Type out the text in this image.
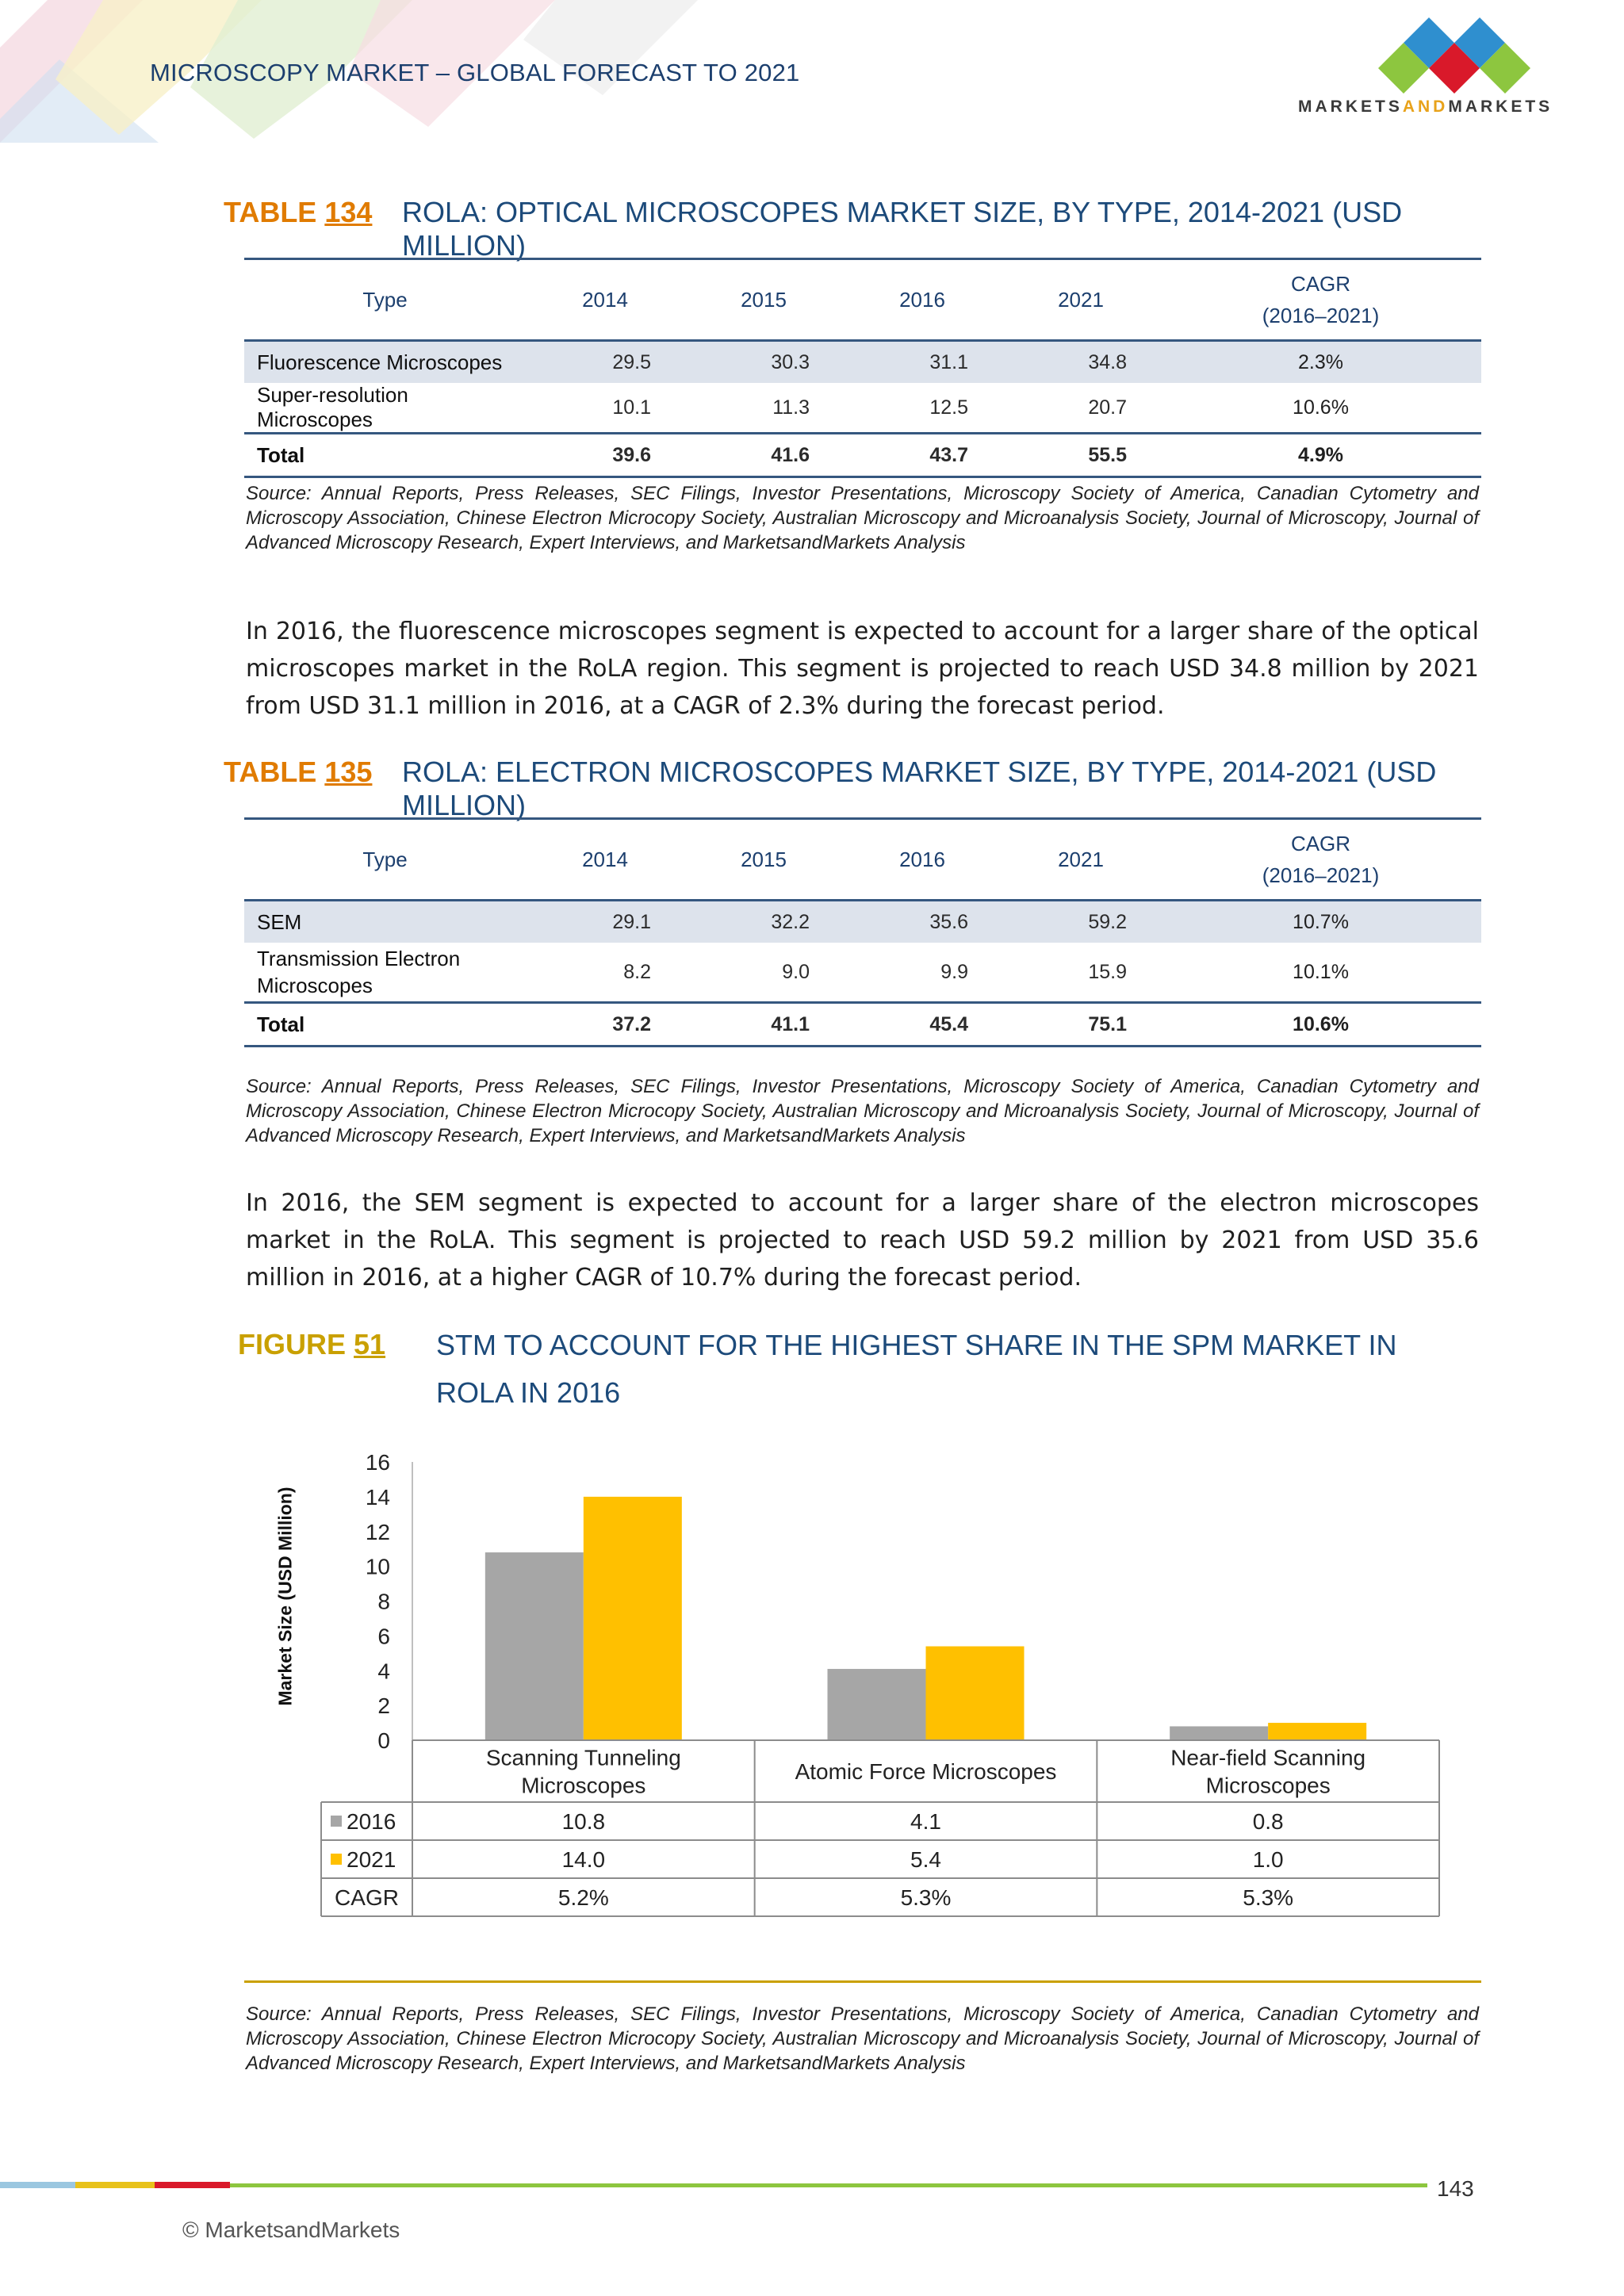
MICROSCOPY MARKET – GLOBAL FORECAST TO 2021
MARKETSANDMARKETS
TABLE 134 ROLA: OPTICAL MICROSCOPES MARKET SIZE, BY TYPE, 2014-2021 (USD MILLION)
Type	2014	2015	2016	2021	CAGR
(2016–2021)
Fluorescence Microscopes	29.5	30.3	31.1	34.8	2.3%
Super-resolution Microscopes	10.1	11.3	12.5	20.7	10.6%
Total	39.6	41.6	43.7	55.5	4.9%
Source: Annual Reports, Press Releases, SEC Filings, Investor Presentations, Microscopy Society of America, Canadian Cytometry and Microscopy Association, Chinese Electron Microcopy Society, Australian Microscopy and Microanalysis Society, Journal of Microscopy, Journal of Advanced Microscopy Research, Expert Interviews, and MarketsandMarkets Analysis
In 2016, the fluorescence microscopes segment is expected to account for a larger share of the optical microscopes market in the RoLA region. This segment is projected to reach USD 34.8 million by 2021 from USD 31.1 million in 2016, at a CAGR of 2.3% during the forecast period.
TABLE 135 ROLA: ELECTRON MICROSCOPES MARKET SIZE, BY TYPE, 2014-2021 (USD MILLION)
Type	2014	2015	2016	2021	CAGR
(2016–2021)
SEM	29.1	32.2	35.6	59.2	10.7%
Transmission Electron
Microscopes	8.2	9.0	9.9	15.9	10.1%
Total	37.2	41.1	45.4	75.1	10.6%
Source: Annual Reports, Press Releases, SEC Filings, Investor Presentations, Microscopy Society of America, Canadian Cytometry and Microscopy Association, Chinese Electron Microcopy Society, Australian Microscopy and Microanalysis Society, Journal of Microscopy, Journal of Advanced Microscopy Research, Expert Interviews, and MarketsandMarkets Analysis
In 2016, the SEM segment is expected to account for a larger share of the electron microscopes market in the RoLA. This segment is projected to reach USD 59.2 million by 2021 from USD 35.6 million in 2016, at a higher CAGR of 10.7% during the forecast period.
FIGURE 51 STM TO ACCOUNT FOR THE HIGHEST SHARE IN THE SPM MARKET IN ROLA IN 2016
Market Size (USD Million)
0
2
4
6
8
10
12
14
16
Scanning Tunneling
Microscopes
Atomic Force Microscopes
Near-field Scanning
Microscopes
2016	10.8	4.1	0.8
2021	14.0	5.4	1.0
CAGR	5.2%	5.3%	5.3%
Source: Annual Reports, Press Releases, SEC Filings, Investor Presentations, Microscopy Society of America, Canadian Cytometry and Microscopy Association, Chinese Electron Microcopy Society, Australian Microscopy and Microanalysis Society, Journal of Microscopy, Journal of Advanced Microscopy Research, Expert Interviews, and MarketsandMarkets Analysis
143
© MarketsandMarkets
